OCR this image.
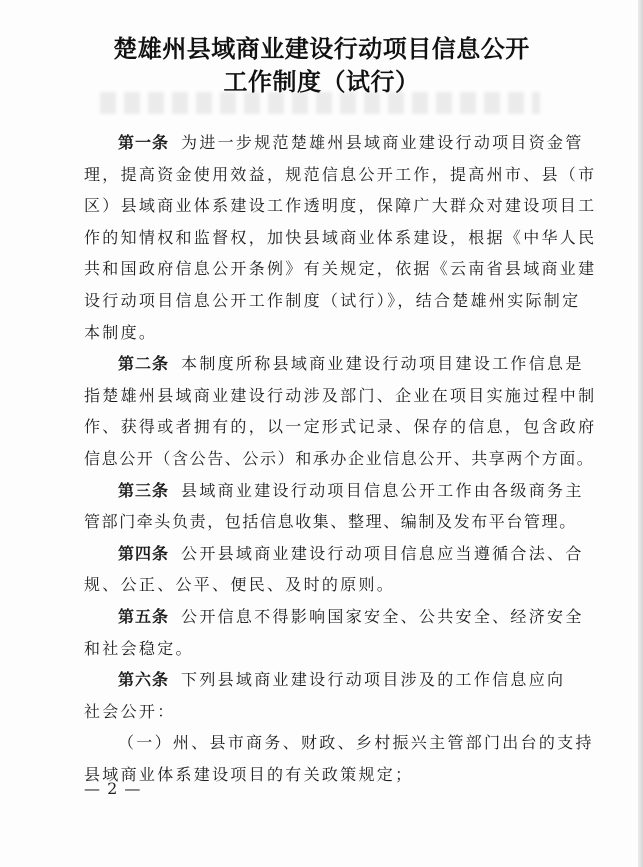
楚雄州县域商业建设行动项目信息公开
工作制度（试行）
第一条 为进一步规范楚雄州县域商业建设行动项目资金管
理，提高资金使用效益，规范信息公开工作，提高州市、县（市
区）县域商业体系建设工作透明度，保障广大群众对建设项目工
作的知情权和监督权，加快县域商业体系建设，根据《中华人民
共和国政府信息公开条例》有关规定，依据《云南省县域商业建
设行动项目信息公开工作制度（试行）》，结合楚雄州实际制定
本制度。
第二条 本制度所称县域商业建设行动项目建设工作信息是
指楚雄州县域商业建设行动涉及部门、企业在项目实施过程中制
作、获得或者拥有的，以一定形式记录、保存的信息，包含政府
信息公开（含公告、公示）和承办企业信息公开、共享两个方面。
第三条 县域商业建设行动项目信息公开工作由各级商务主
管部门牵头负责，包括信息收集、整理、编制及发布平台管理。
第四条 公开县域商业建设行动项目信息应当遵循合法、合
规、公正、公平、便民、及时的原则。
第五条 公开信息不得影响国家安全、公共安全、经济安全
和社会稳定。
第六条 下列县域商业建设行动项目涉及的工作信息应向
社会公开：
（一）州、县市商务、财政、乡村振兴主管部门出台的支持
县域商业体系建设项目的有关政策规定；
— 2 —
